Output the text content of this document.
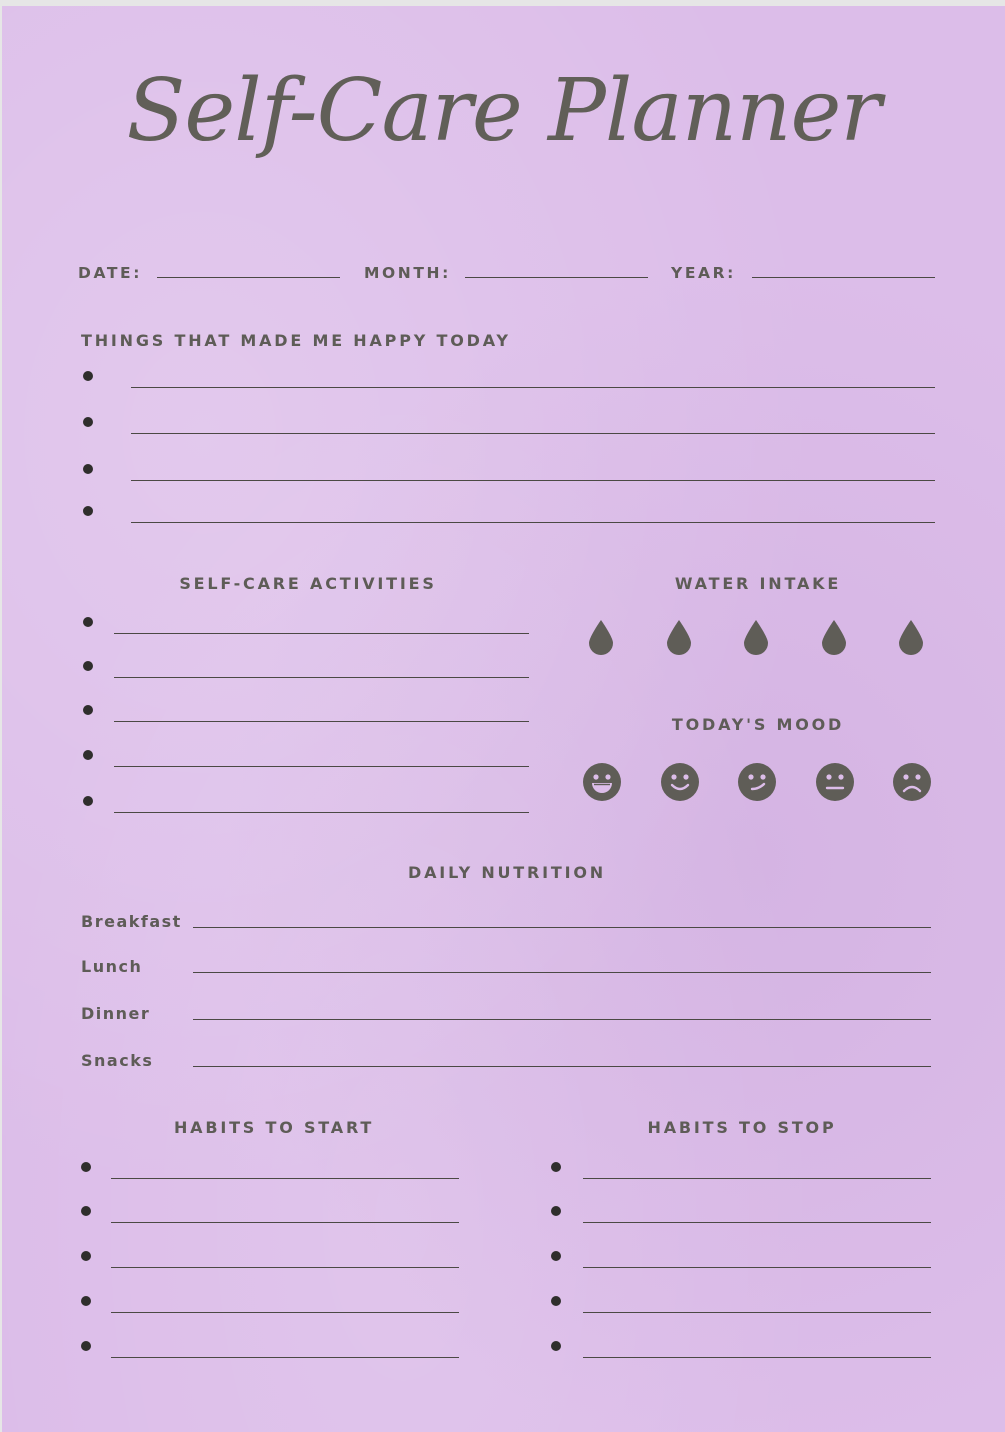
Self-Care Planner
DATE:	MONTH:	YEAR:
THINGS THAT MADE ME HAPPY TODAY
SELF-CARE ACTIVITIES	WATER INTAKE
TODAY'S MOOD
DAILY NUTRITION
Breakfast
Lunch
Dinner
Snacks
HABITS TO START	HABITS TO STOP
